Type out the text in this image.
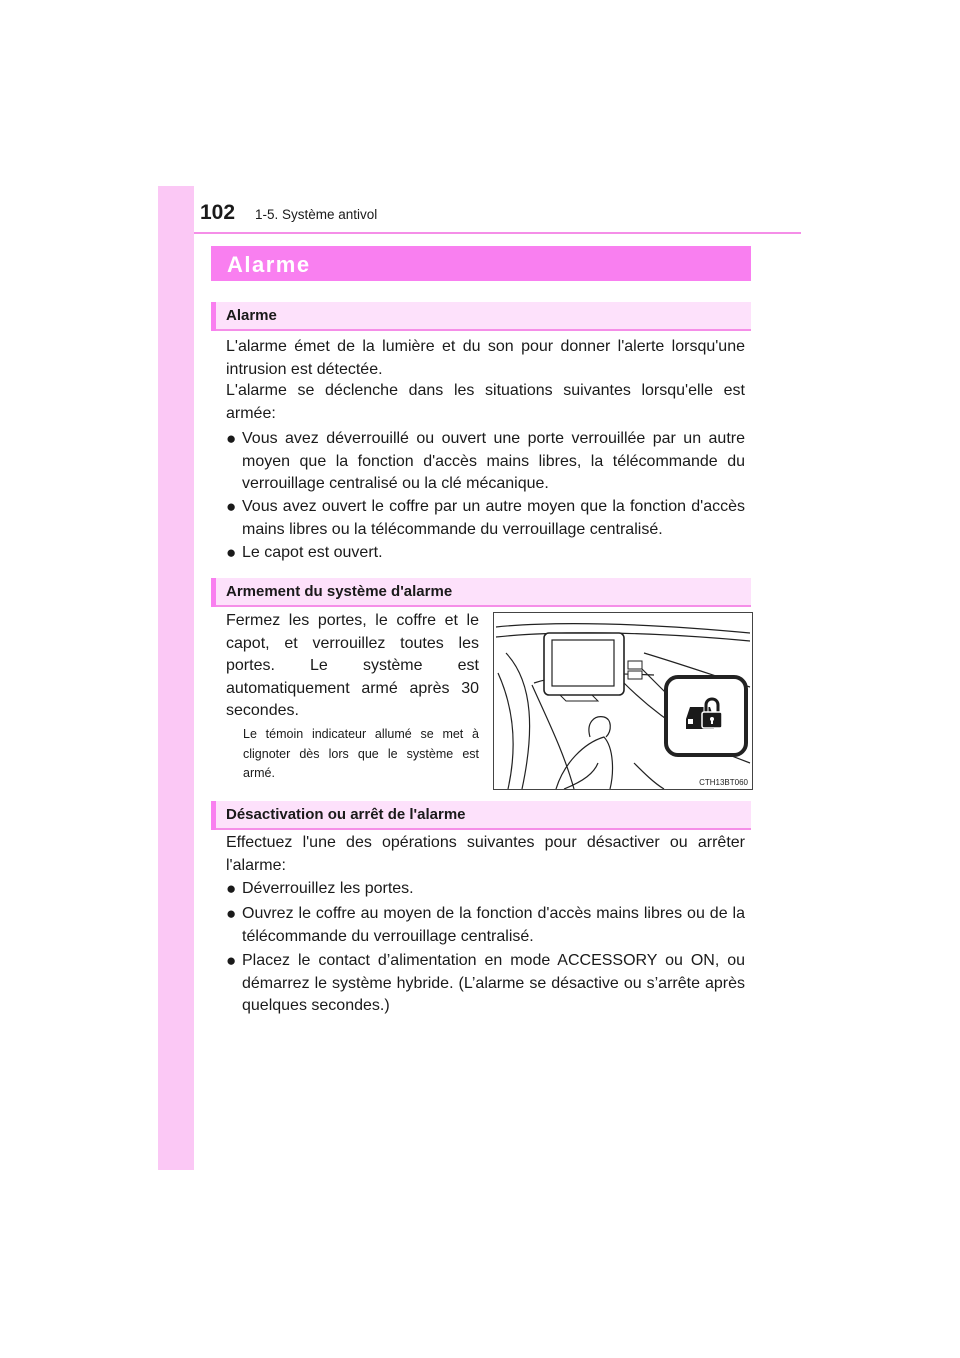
102 1-5. Système antivol
Alarme
Alarme
L'alarme émet de la lumière et du son pour donner l'alerte lorsqu'une intrusion est détectée.
L'alarme se déclenche dans les situations suivantes lorsqu'elle est armée:
● Vous avez déverrouillé ou ouvert une porte verrouillée par un autre moyen que la fonction d'accès mains libres, la télécommande du verrouillage centralisé ou la clé mécanique.
● Vous avez ouvert le coffre par un autre moyen que la fonction d'accès mains libres ou la télécommande du verrouillage centralisé.
● Le capot est ouvert.
Armement du système d'alarme
Fermez les portes, le coffre et le capot, et verrouillez toutes les portes. Le système est automatiquement armé après 30 secondes.
Le témoin indicateur allumé se met à clignoter dès lors que le système est armé.
CTH13BT060
Désactivation ou arrêt de l'alarme
Effectuez l'une des opérations suivantes pour désactiver ou arrêter l'alarme:
● Déverrouillez les portes.
● Ouvrez le coffre au moyen de la fonction d'accès mains libres ou de la télécommande du verrouillage centralisé.
● Placez le contact d’alimentation en mode ACCESSORY ou ON, ou démarrez le système hybride. (L’alarme se désactive ou s’arrête après quelques secondes.)
